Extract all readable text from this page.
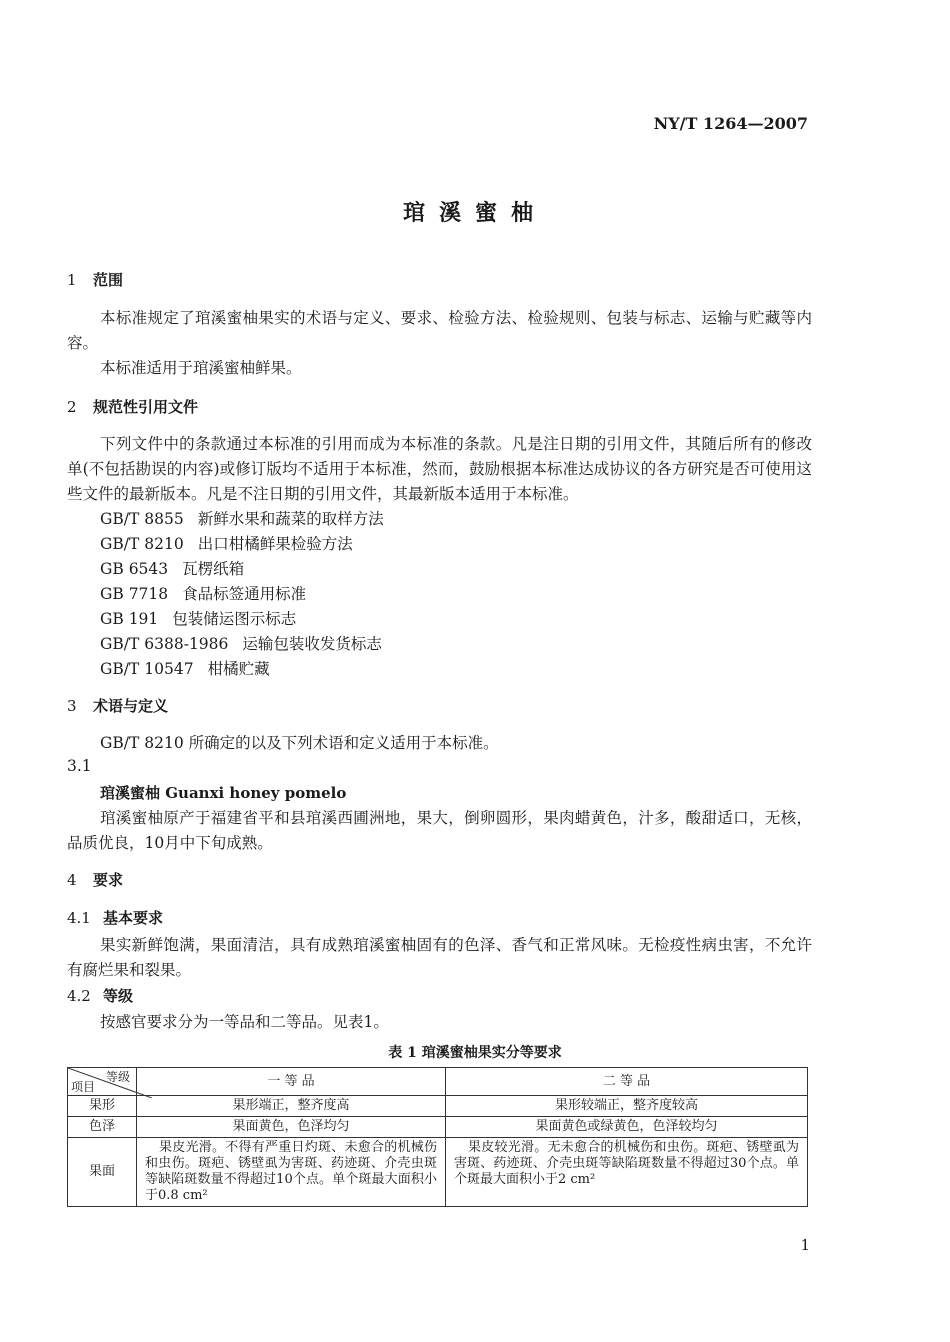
NY/T 1264—2007
琯溪蜜柚
1 范围
本标准规定了琯溪蜜柚果实的术语与定义、要求、检验方法、检验规则、包装与标志、运输与贮藏等内容。
本标准适用于琯溪蜜柚鲜果。
2 规范性引用文件
下列文件中的条款通过本标准的引用而成为本标准的条款。凡是注日期的引用文件，其随后所有的修改单(不包括勘误的内容)或修订版均不适用于本标准，然而，鼓励根据本标准达成协议的各方研究是否可使用这些文件的最新版本。凡是不注日期的引用文件，其最新版本适用于本标准。
GB/T 8855 新鲜水果和蔬菜的取样方法
GB/T 8210 出口柑橘鲜果检验方法
GB 6543 瓦楞纸箱
GB 7718 食品标签通用标准
GB 191 包装储运图示标志
GB/T 6388-1986 运输包装收发货标志
GB/T 10547 柑橘贮藏
3 术语与定义
GB/T 8210 所确定的以及下列术语和定义适用于本标准。
3.1
琯溪蜜柚 Guanxi honey pomelo
琯溪蜜柚原产于福建省平和县琯溪西圃洲地，果大，倒卵圆形，果肉蜡黄色，汁多，酸甜适口，无核，品质优良，10月中下旬成熟。
4 要求
4.1 基本要求
果实新鲜饱满，果面清洁，具有成熟琯溪蜜柚固有的色泽、香气和正常风味。无检疫性病虫害，不允许有腐烂果和裂果。
4.2 等级
按感官要求分为一等品和二等品。见表1。
表 1 琯溪蜜柚果实分等要求
等级
项目	一 等 品	二 等 品
果形	果形端正，整齐度高	果形较端正，整齐度较高
色泽	果面黄色，色泽均匀	果面黄色或绿黄色，色泽较均匀
果面	果皮光滑。不得有严重日灼斑、未愈合的机械伤和虫伤。斑疤、锈壁虱为害斑、药迹斑、介壳虫斑等缺陷斑数量不得超过10个点。单个斑最大面积小于0.8 cm²	果皮较光滑。无未愈合的机械伤和虫伤。斑疤、锈壁虱为害斑、药迹斑、介壳虫斑等缺陷斑数量不得超过30个点。单个斑最大面积小于2 cm²
1
